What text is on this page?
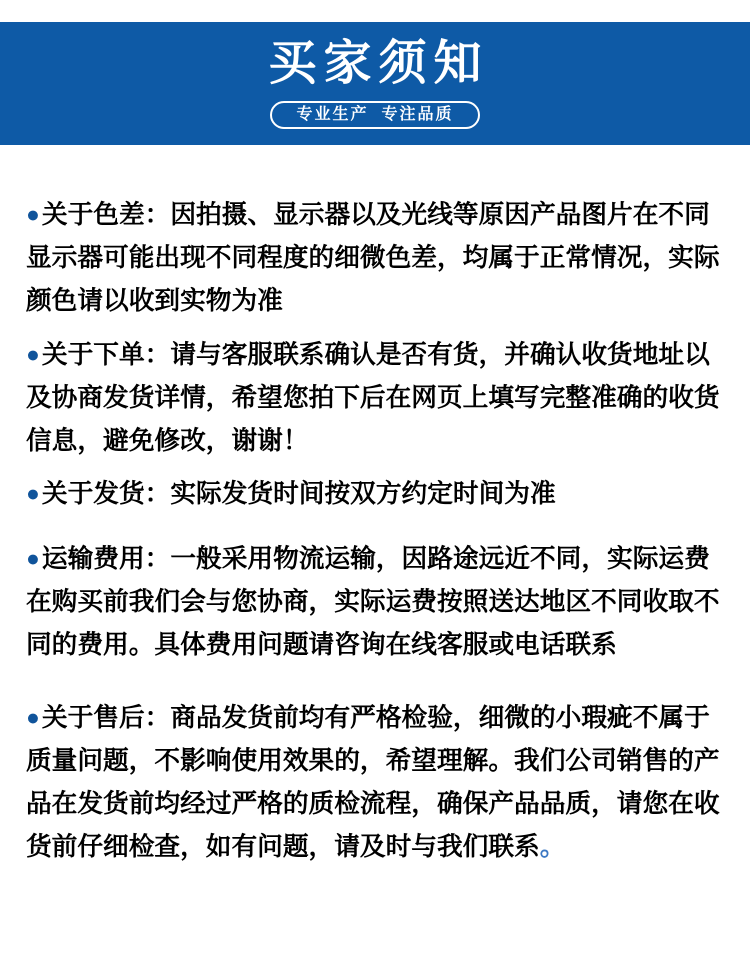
买家须知
专业生产  专注品质

●关于色差：因拍摄、显示器以及光线等原因产品图片在不同显示器可能出现不同程度的细微色差，均属于正常情况，实际颜色请以收到实物为准

●关于下单：请与客服联系确认是否有货，并确认收货地址以及协商发货详情，希望您拍下后在网页上填写完整准确的收货信息，避免修改，谢谢！

●关于发货：实际发货时间按双方约定时间为准

●运输费用：一般采用物流运输，因路途远近不同，实际运费在购买前我们会与您协商，实际运费按照送达地区不同收取不同的费用。具体费用问题请咨询在线客服或电话联系

●关于售后：商品发货前均有严格检验，细微的小瑕疵不属于质量问题，不影响使用效果的，希望理解。我们公司销售的产品在发货前均经过严格的质检流程，确保产品品质，请您在收货前仔细检查，如有问题，请及时与我们联系。
